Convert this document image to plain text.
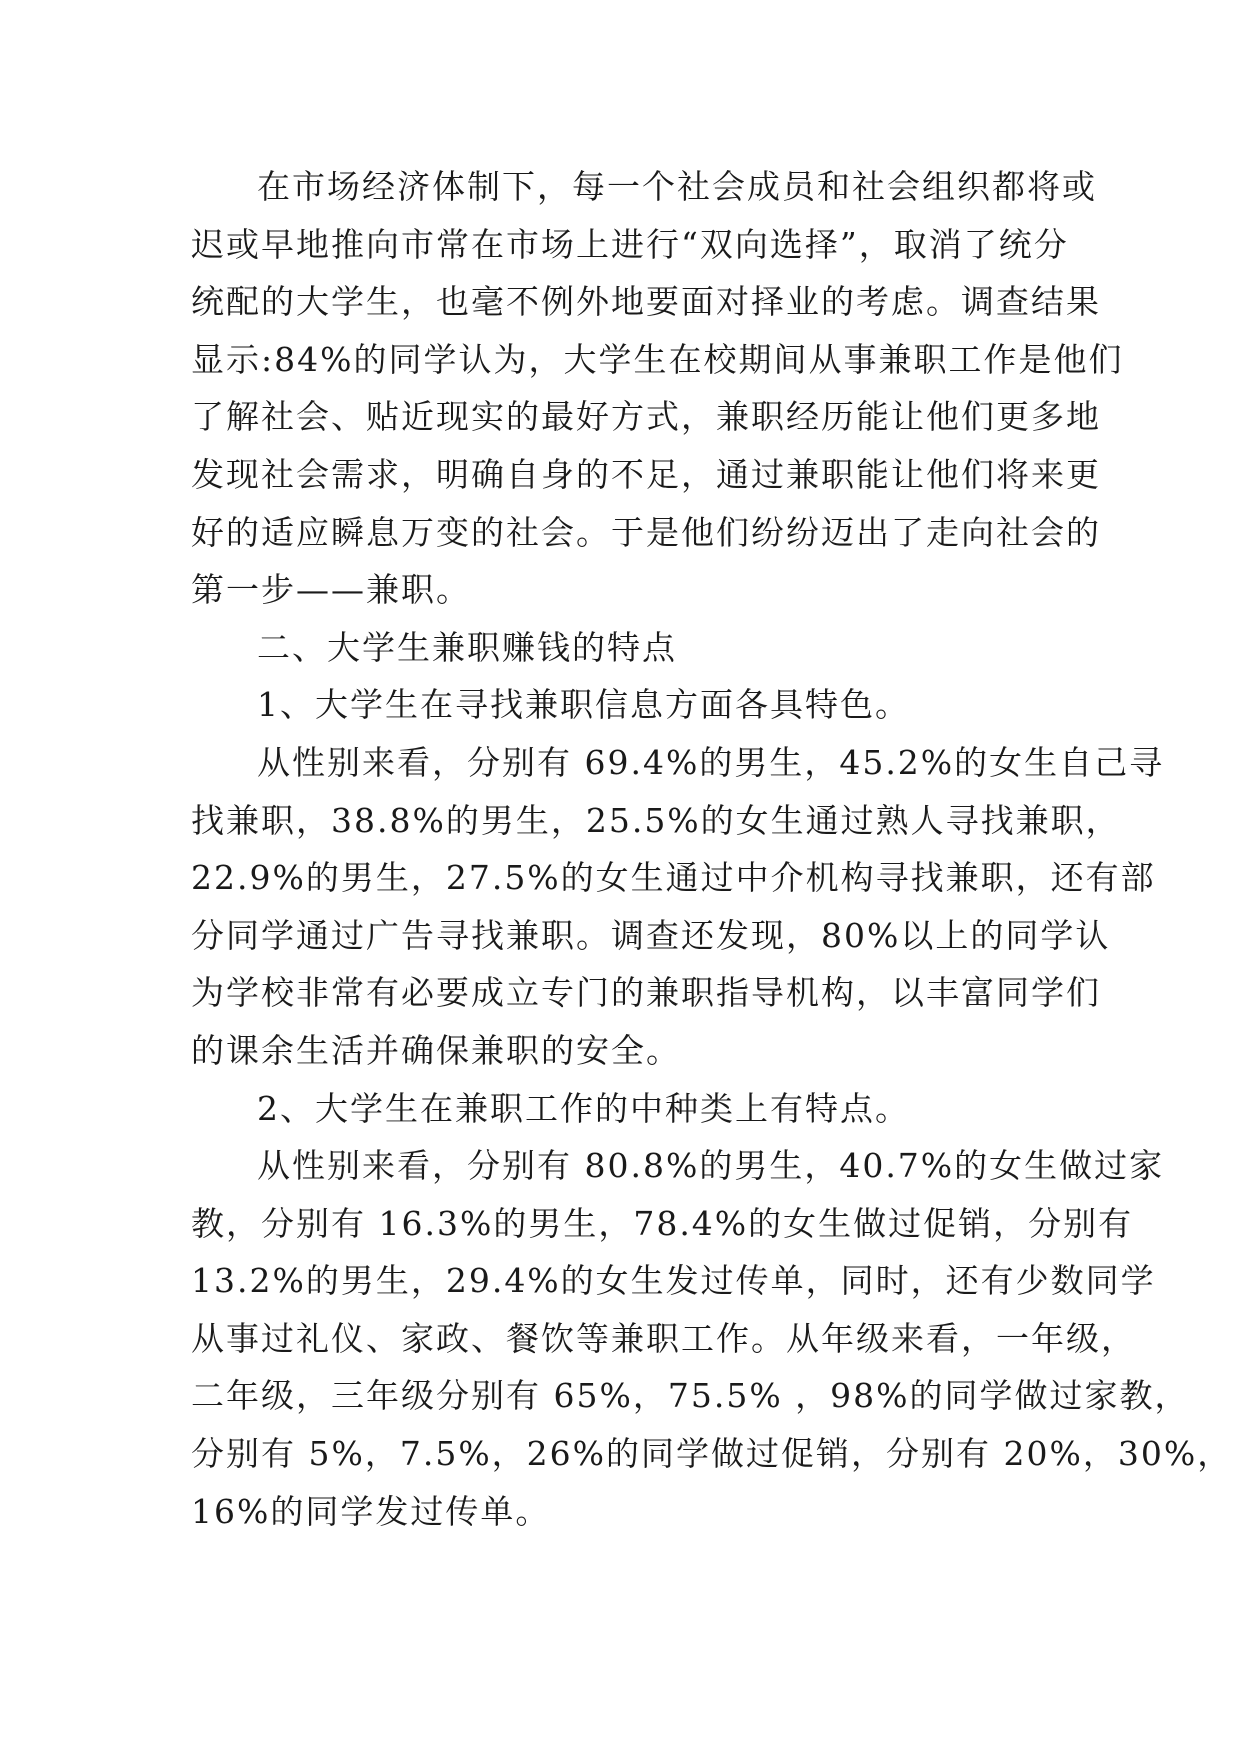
在市场经济体制下，每一个社会成员和社会组织都将或
迟或早地推向市常在市场上进行“双向选择”，取消了统分
统配的大学生，也毫不例外地要面对择业的考虑。调查结果
显示:84%的同学认为，大学生在校期间从事兼职工作是他们
了解社会、贴近现实的最好方式，兼职经历能让他们更多地
发现社会需求，明确自身的不足，通过兼职能让他们将来更
好的适应瞬息万变的社会。于是他们纷纷迈出了走向社会的
第一步——兼职。
二、大学生兼职赚钱的特点
1、大学生在寻找兼职信息方面各具特色。
从性别来看，分别有 69.4%的男生，45.2%的女生自己寻
找兼职，38.8%的男生，25.5%的女生通过熟人寻找兼职，
22.9%的男生，27.5%的女生通过中介机构寻找兼职，还有部
分同学通过广告寻找兼职。调查还发现，80%以上的同学认
为学校非常有必要成立专门的兼职指导机构，以丰富同学们
的课余生活并确保兼职的安全。
2、大学生在兼职工作的中种类上有特点。
从性别来看，分别有 80.8%的男生，40.7%的女生做过家
教，分别有 16.3%的男生，78.4%的女生做过促销，分别有
13.2%的男生，29.4%的女生发过传单，同时，还有少数同学
从事过礼仪、家政、餐饮等兼职工作。从年级来看，一年级，
二年级，三年级分别有 65%，75.5% ，98%的同学做过家教，
分别有 5%，7.5%，26%的同学做过促销，分别有 20%，30%，
16%的同学发过传单。
